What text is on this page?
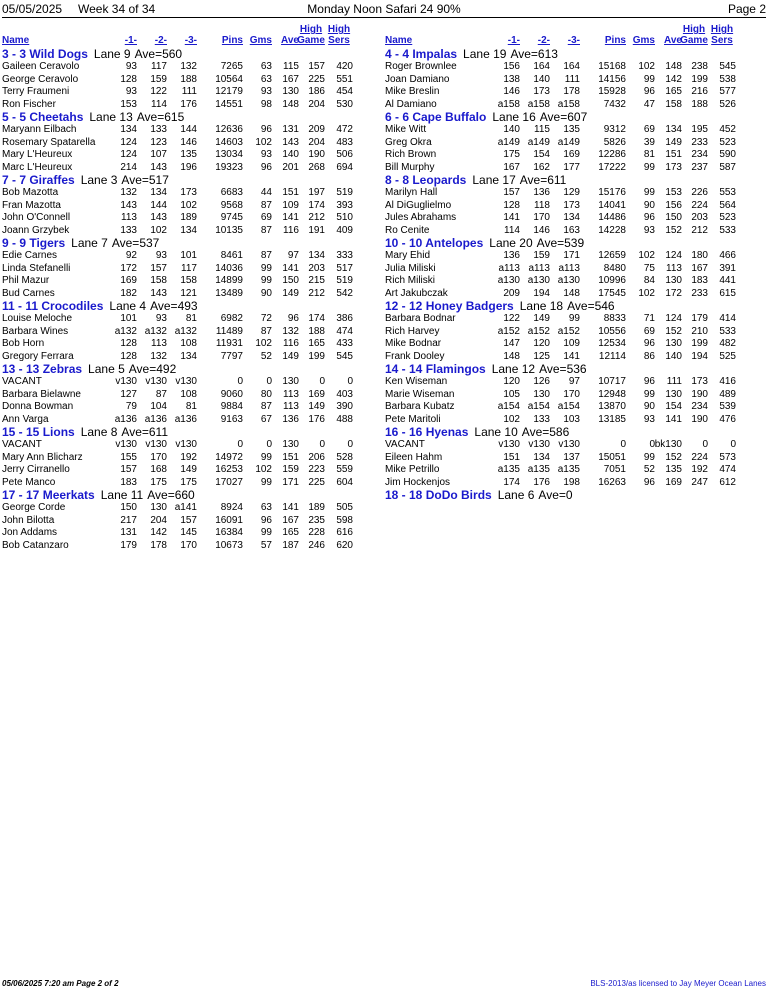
05/05/2025 Week 34 of 34	Monday Noon Safari 24 90%	Page 2
Name	-1-	-2-	-3-	Pins Gms Ave
High Game
High Sers
3 - 3 Wild Dogs Lane 9 Ave=560
Gaileen Ceravolo	93	117	132	7265	63	115 157	420
George Ceravolo	128	159	188	10564	63	167 225	551
Terry Fraumeni	93	122	111	12179	93	130 186	454
Ron Fischer	153	114	176	14551	98	148 204	530
5 - 5 Cheetahs Lane 13 Ave=615
Maryann Eilbach	134	133	144	12636	96	131 209	472
Rosemary Spatarella	124	123	146	14603	102	143 204	483
Mary L'Heureux	124	107	135	13034	93	140 190	506
Marc L'Heureux	214	143	196	19323	96	201 268	694
7 - 7 Giraffes Lane 3 Ave=517
Bob Mazotta	132	134	173	6683	44	151 197	519
Fran Mazotta	143	144	102	9568	87	109 174	393
John O'Connell	113	143	189	9745	69	141 212	510
Joann Grzybek	133	102	134	10135	87	116 191	409
9 - 9 Tigers Lane 7 Ave=537
Edie Carnes	92	93	101	8461	87	97 134	333
Linda Stefanelli	172	157	117	14036	99	141 203	517
Phil Mazur	169	158	158	14899	99	150 215	519
Bud Carnes	182	143	121	13489	90	149 212	542
11 - 11 Crocodiles Lane 4 Ave=493
Louise Meloche	101	93	81	6982	72	96 174	386
Barbara Wines	a132 a132 a132	11489	87	132 188	474
Bob Horn	128	113	108	11931	102	116 165	433
Gregory Ferrara	128	132	134	7797	52	149 199	545
13 - 13 Zebras Lane 5 Ave=492
VACANT	v130 v130 v130	0	0	130	0	0
Barbara Bielawne	127	87	108	9060	80	113 169	403
Donna Bowman	79	104	81	9884	87	113 149	390
Ann Varga	a136 a136 a136	9163	67	136 176	488
15 - 15 Lions Lane 8 Ave=611
VACANT	v130 v130 v130	0	0	130	0	0
Mary Ann Blicharz	155	170	192	14972	99	151 206	528
Jerry Cirranello	157	168	149	16253	102	159 223	559
Pete Manco	183	175	175	17027	99	171 225	604
17 - 17 Meerkats Lane 11 Ave=660
George Corde	150	130 a141	8924	63	141 189	505
John Bilotta	217	204	157	16091	96	167 235	598
Jon Addams	131	142	145	16384	99	165 228	616
Bob Catanzaro	179	178	170	10673	57	187 246	620
Name	-1-	-2-	-3-	Pins Gms Ave
High Game
High Sers
4 - 4 Impalas Lane 19 Ave=613
Roger Brownlee	156	164	164	15168	102	148 238	545
Joan Damiano	138	140	111	14156	99	142 199	538
Mike Breslin	146	173	178	15928	96	165 216	577
Al Damiano	a158 a158 a158	7432	47	158 188	526
6 - 6 Cape Buffalo Lane 16 Ave=607
Mike Witt	140	115	135	9312	69	134 195	452
Greg Okra	a149 a149 a149	5826	39	149 233	523
Rich Brown	175	154	169	12286	81	151 234	590
Bill Murphy	167	162	177	17222	99	173 237	587
8 - 8 Leopards Lane 17 Ave=611
Marilyn Hall	157	136	129	15176	99	153 226	553
Al DiGuglielmo	128	118	173	14041	90	156 224	564
Jules Abrahams	141	170	134	14486	96	150 203	523
Ro Cenite	114	146	163	14228	93	152 212	533
10 - 10 Antelopes Lane 20 Ave=539
Mary Ehid	136	159	171	12659	102	124 180	466
Julia Miliski	a113 a113 a113	8480	75	113 167	391
Rich Miliski	a130 a130 a130	10996	84	130 183	441
Art Jakubczak	209	194	148	17545	102	172 233	615
12 - 12 Honey Badgers Lane 18 Ave=546
Barbara Bodnar	122	149	99	8833	71	124 179	414
Rich Harvey	a152 a152 a152	10556	69	152 210	533
Mike Bodnar	147	120	109	12534	96	130 199	482
Frank Dooley	148	125	141	12114	86	140 194	525
14 - 14 Flamingos Lane 12 Ave=536
Ken Wiseman	120	126	97	10717	96	111 173	416
Marie Wiseman	105	130	170	12948	99	130 190	489
Barbara Kubatz	a154 a154 a154	13870	90	154 234	539
Pete Maritoli	102	133	103	13185	93	141 190	476
16 - 16 Hyenas Lane 10 Ave=586
VACANT	v130 v130 v130	0	0 bk130	0	0
Eileen Hahm	151	134	137	15051	99	152 224	573
Mike Petrillo	a135 a135 a135	7051	52	135 192	474
Jim Hockenjos	174	176	198	16263	96	169 247	612
18 - 18 DoDo Birds Lane 6 Ave=0
05/06/2025 7:20 am Page 2 of 2	BLS-2013/as licensed to Jay Meyer Ocean Lanes
